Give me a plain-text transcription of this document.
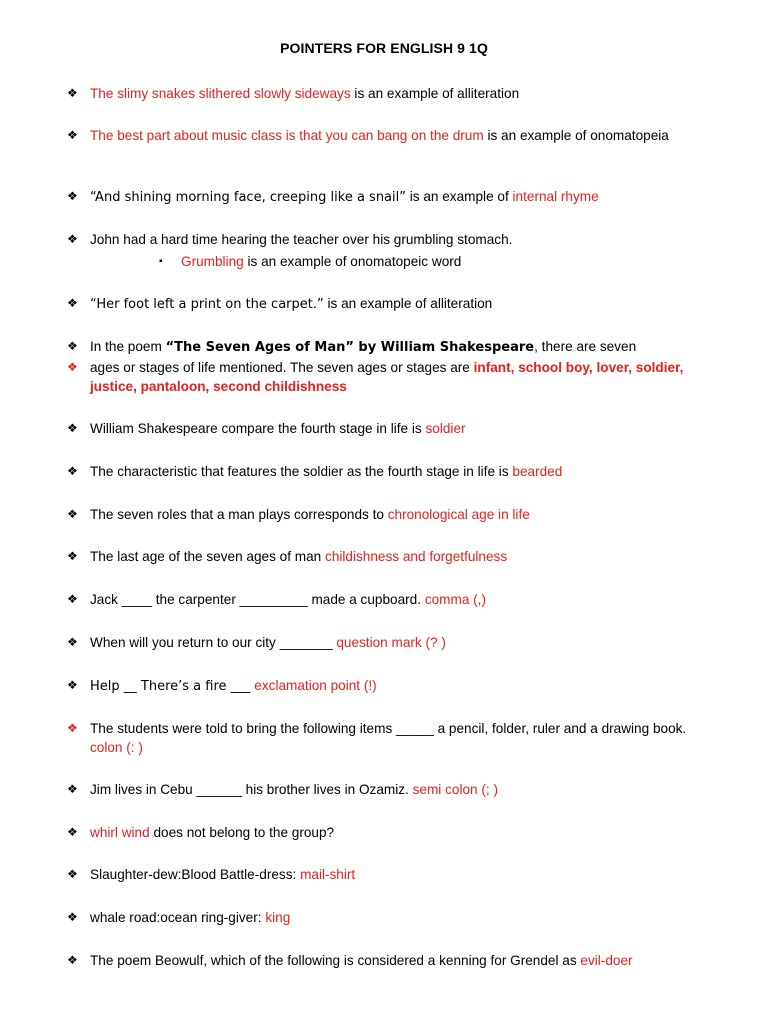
POINTERS FOR ENGLISH 9 1Q
❖ The slimy snakes slithered slowly sideways is an example of alliteration
❖ The best part about music class is that you can bang on the drum is an example of onomatopeia
❖ “And shining morning face, creeping like a snail” is an example of internal rhyme
❖ John had a hard time hearing the teacher over his grumbling stomach.
▪ Grumbling is an example of onomatopeic word
❖ “Her foot left a print on the carpet.” is an example of alliteration
❖ In the poem “The Seven Ages of Man” by William Shakespeare, there are seven
❖ ages or stages of life mentioned. The seven ages or stages are infant, school boy, lover, soldier, justice, pantaloon, second childishness
❖ William Shakespeare compare the fourth stage in life is soldier
❖ The characteristic that features the soldier as the fourth stage in life is bearded
❖ The seven roles that a man plays corresponds to chronological age in life
❖ The last age of the seven ages of man childishness and forgetfulness
❖ Jack ____ the carpenter _________ made a cupboard. comma (,)
❖ When will you return to our city _______ question mark (? )
❖ Help __ There’s a fire ___ exclamation point (!)
❖ The students were told to bring the following items _____ a pencil, folder, ruler and a drawing book. colon (: )
❖ Jim lives in Cebu ______ his brother lives in Ozamiz. semi colon (; )
❖ whirl wind does not belong to the group?
❖ Slaughter-dew:Blood Battle-dress: mail-shirt
❖ whale road:ocean ring-giver: king
❖ The poem Beowulf, which of the following is considered a kenning for Grendel as evil-doer
